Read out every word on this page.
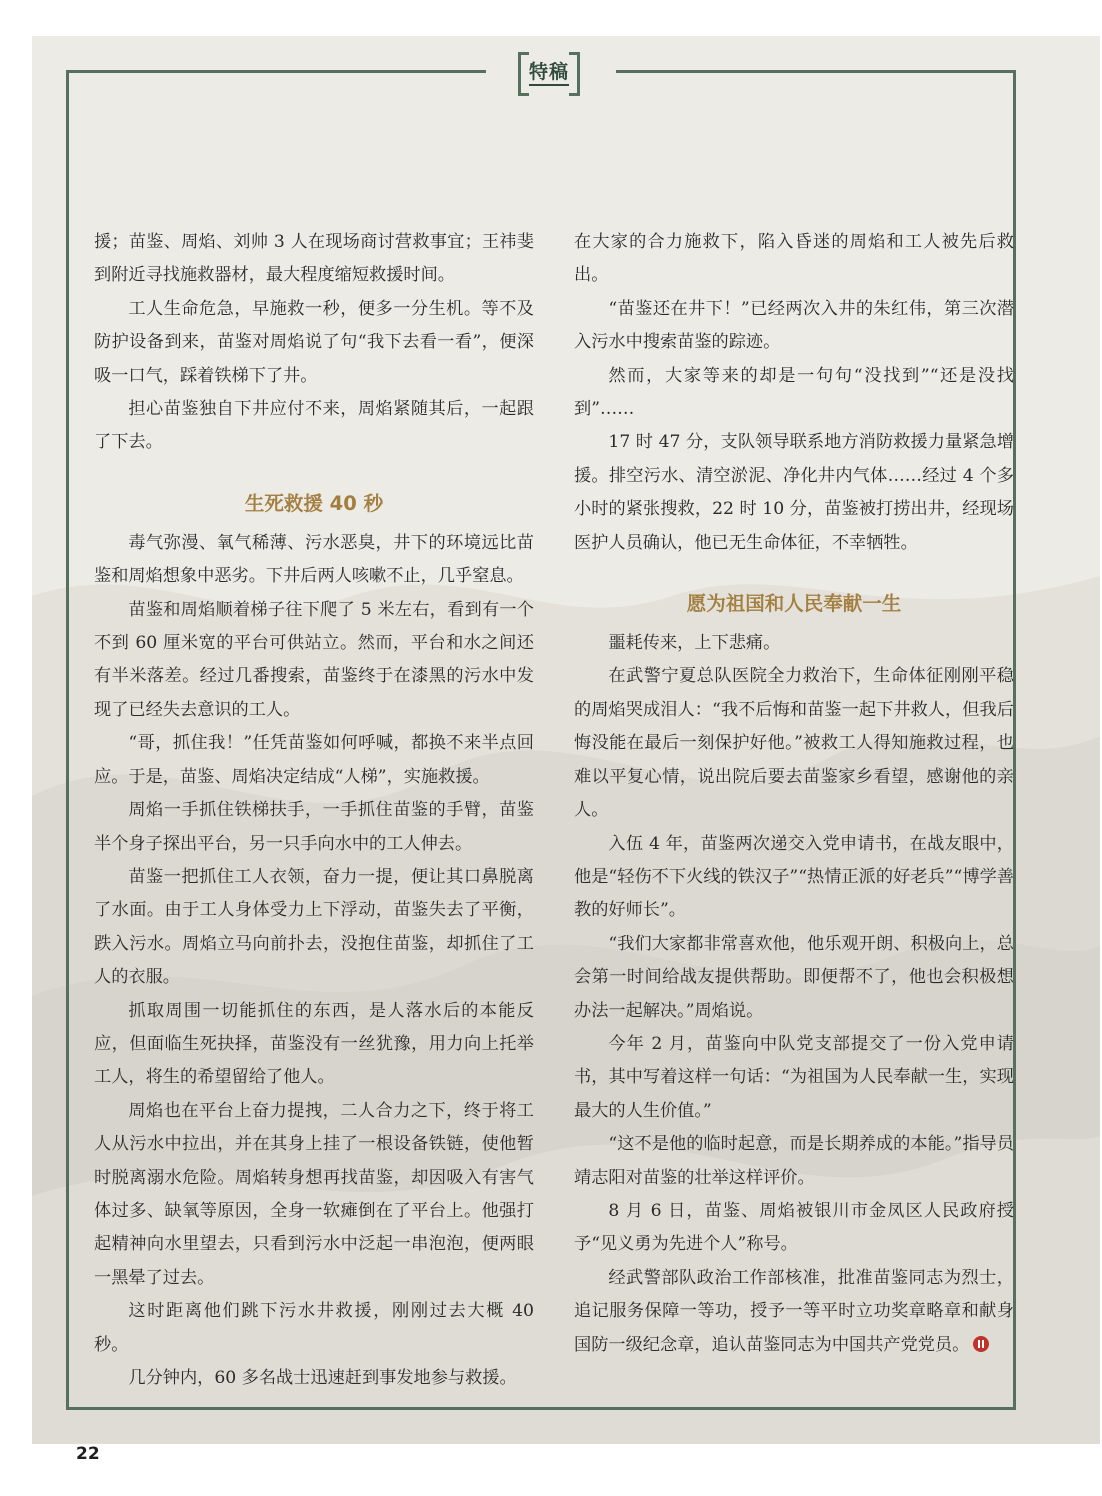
特稿

援；苗鉴、周焰、刘帅 3 人在现场商讨营救事宜；王祎斐到附近寻找施救器材，最大程度缩短救援时间。

工人生命危急，早施救一秒，便多一分生机。等不及防护设备到来，苗鉴对周焰说了句“我下去看一看”，便深吸一口气，踩着铁梯下了井。

担心苗鉴独自下井应付不来，周焰紧随其后，一起跟了下去。

生死救援 40 秒

毒气弥漫、氧气稀薄、污水恶臭，井下的环境远比苗鉴和周焰想象中恶劣。下井后两人咳嗽不止，几乎窒息。

苗鉴和周焰顺着梯子往下爬了 5 米左右，看到有一个不到 60 厘米宽的平台可供站立。然而，平台和水之间还有半米落差。经过几番搜索，苗鉴终于在漆黑的污水中发现了已经失去意识的工人。

“哥，抓住我！”任凭苗鉴如何呼喊，都换不来半点回应。于是，苗鉴、周焰决定结成“人梯”，实施救援。

周焰一手抓住铁梯扶手，一手抓住苗鉴的手臂，苗鉴半个身子探出平台，另一只手向水中的工人伸去。

苗鉴一把抓住工人衣领，奋力一提，便让其口鼻脱离了水面。由于工人身体受力上下浮动，苗鉴失去了平衡，跌入污水。周焰立马向前扑去，没抱住苗鉴，却抓住了工人的衣服。

抓取周围一切能抓住的东西，是人落水后的本能反应，但面临生死抉择，苗鉴没有一丝犹豫，用力向上托举工人，将生的希望留给了他人。

周焰也在平台上奋力提拽，二人合力之下，终于将工人从污水中拉出，并在其身上挂了一根设备铁链，使他暂时脱离溺水危险。周焰转身想再找苗鉴，却因吸入有害气体过多、缺氧等原因，全身一软瘫倒在了平台上。他强打起精神向水里望去，只看到污水中泛起一串泡泡，便两眼一黑晕了过去。

这时距离他们跳下污水井救援，刚刚过去大概 40 秒。

几分钟内，60 多名战士迅速赶到事发地参与救援。

在大家的合力施救下，陷入昏迷的周焰和工人被先后救出。

“苗鉴还在井下！”已经两次入井的朱红伟，第三次潜入污水中搜索苗鉴的踪迹。

然而，大家等来的却是一句句“没找到”“还是没找到”……

17 时 47 分，支队领导联系地方消防救援力量紧急增援。排空污水、清空淤泥、净化井内气体……经过 4 个多小时的紧张搜救，22 时 10 分，苗鉴被打捞出井，经现场医护人员确认，他已无生命体征，不幸牺牲。

愿为祖国和人民奉献一生

噩耗传来，上下悲痛。

在武警宁夏总队医院全力救治下，生命体征刚刚平稳的周焰哭成泪人：“我不后悔和苗鉴一起下井救人，但我后悔没能在最后一刻保护好他。”被救工人得知施救过程，也难以平复心情，说出院后要去苗鉴家乡看望，感谢他的亲人。

入伍 4 年，苗鉴两次递交入党申请书，在战友眼中，他是“轻伤不下火线的铁汉子”“热情正派的好老兵”“博学善教的好师长”。

“我们大家都非常喜欢他，他乐观开朗、积极向上，总会第一时间给战友提供帮助。即便帮不了，他也会积极想办法一起解决。”周焰说。

今年 2 月，苗鉴向中队党支部提交了一份入党申请书，其中写着这样一句话：“为祖国为人民奉献一生，实现最大的人生价值。”

“这不是他的临时起意，而是长期养成的本能。”指导员靖志阳对苗鉴的壮举这样评价。

8 月 6 日，苗鉴、周焰被银川市金凤区人民政府授予“见义勇为先进个人”称号。

经武警部队政治工作部核准，批准苗鉴同志为烈士，追记服务保障一等功，授予一等平时立功奖章略章和献身国防一级纪念章，追认苗鉴同志为中国共产党党员。

22
